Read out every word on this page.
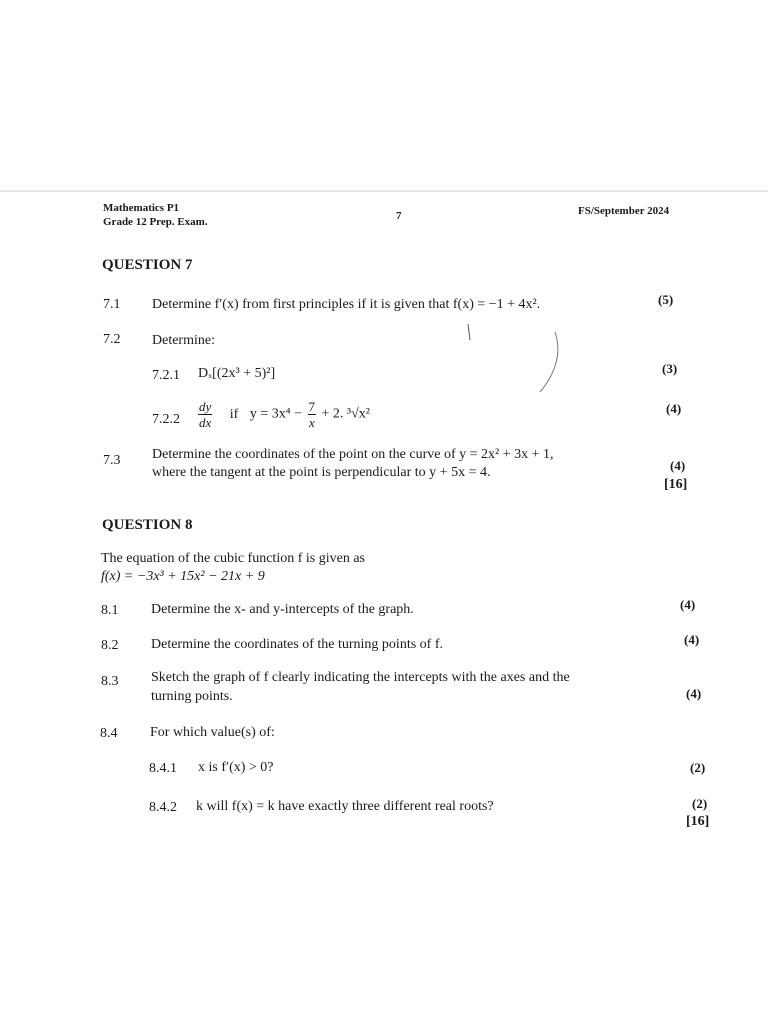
Mathematics P1
Grade 12 Prep. Exam.	7	FS/September 2024
QUESTION 7
7.1 Determine f′(x) from first principles if it is given that f(x) = −1 + 4x².	(5)
7.2 Determine:
7.2.1 Dₓ[(2x³ + 5)²]	(3)
$7.2.2 \frac{dy}{dx}$ if $y = 3x^4 - \frac{7}{x} + 2$. ³√x²	(4)
7.3 Determine the coordinates of the point on the curve of y = 2x² + 3x + 1,
where the tangent at the point is perpendicular to y + 5x = 4.	(4)
[16]
QUESTION 8
The equation of the cubic function f is given as
f(x) = −3x³ + 15x² − 21x + 9
8.1 Determine the x- and y-intercepts of the graph.	(4)
8.2 Determine the coordinates of the turning points of f.	(4)
8.3 Sketch the graph of f clearly indicating the intercepts with the axes and the
turning points.	(4)
8.4 For which value(s) of:
8.4.1 x is f′(x) > 0?	(2)
8.4.2 k will f(x) = k have exactly three different real roots?	(2)
[16]
